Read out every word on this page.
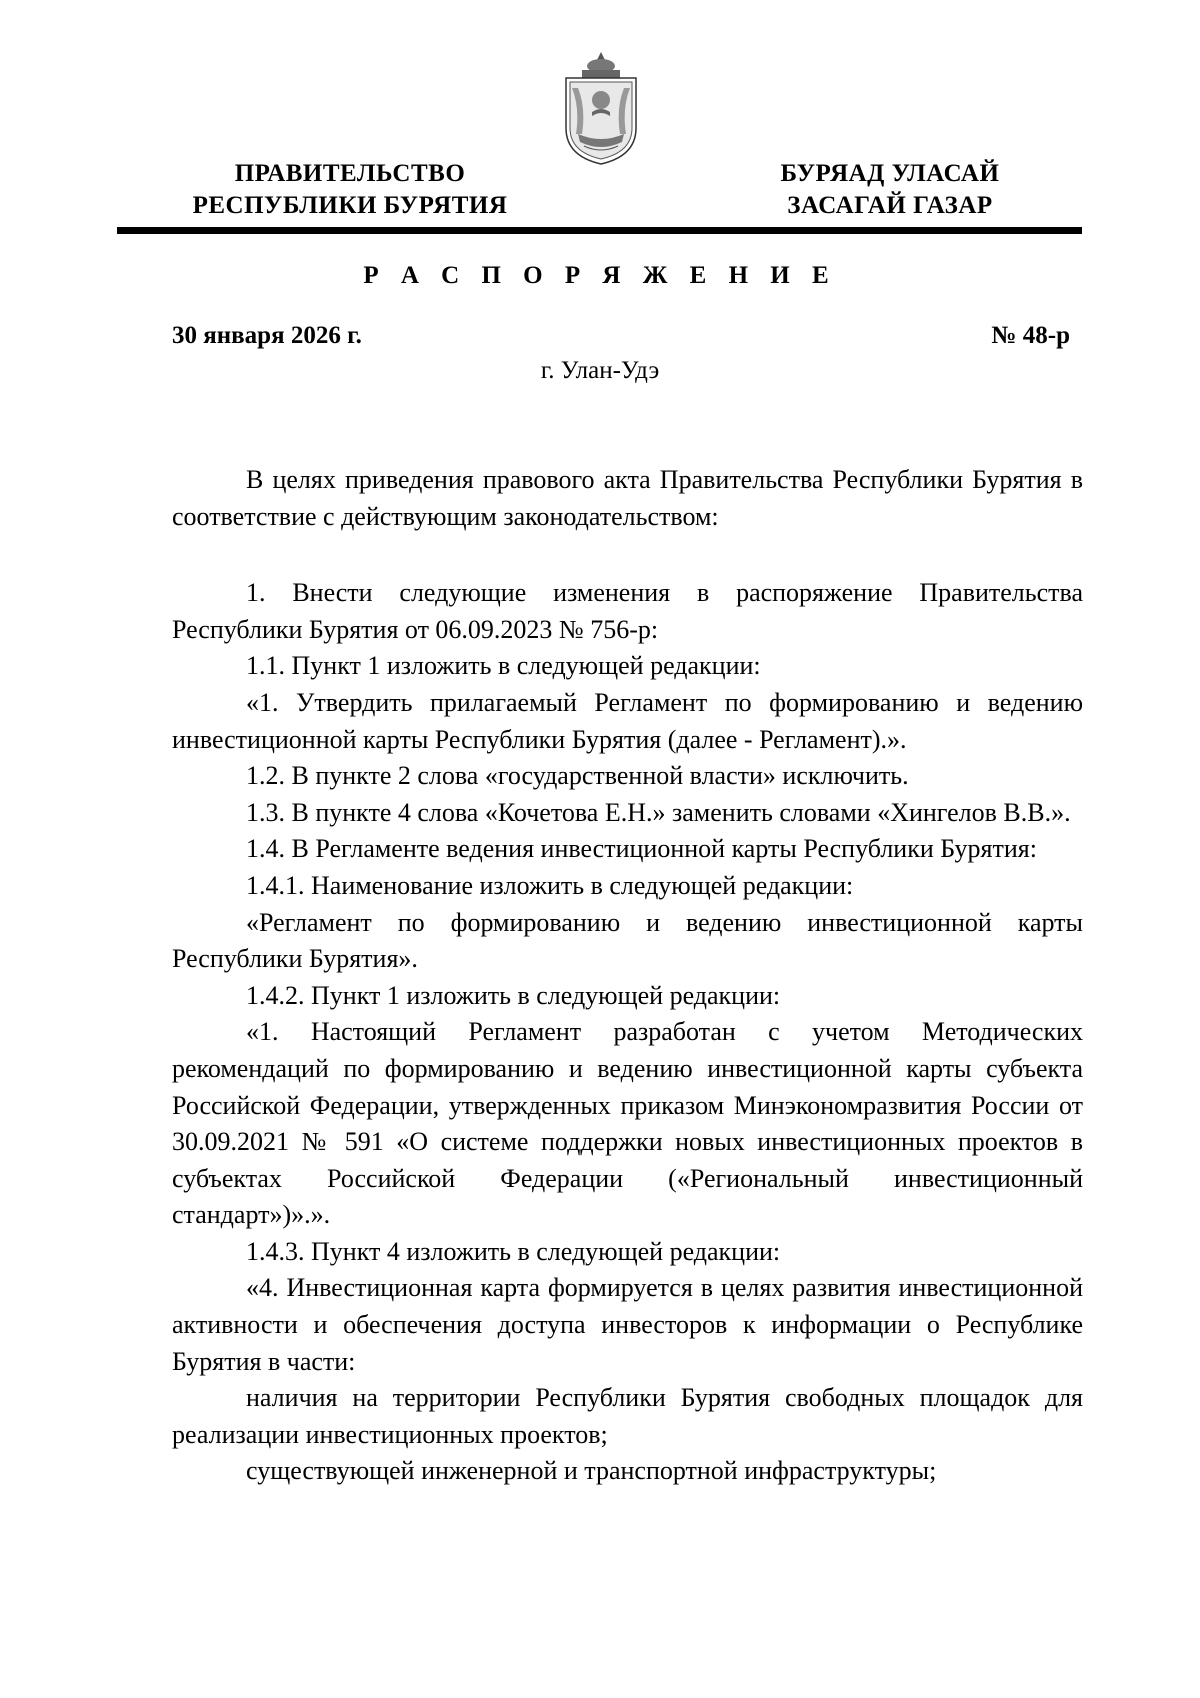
ПРАВИТЕЛЬСТВО
РЕСПУБЛИКИ БУРЯТИЯ
БУРЯАД УЛАСАЙ
ЗАСАГАЙ ГАЗАР
Р А С П О Р Я Ж Е Н И Е
30 января 2026 г.	№ 48-р
г. Улан-Удэ

В целях приведения правового акта Правительства Республики Бурятия в соответствие с действующим законодательством:

1. Внести следующие изменения в распоряжение Правительства Республики Бурятия от 06.09.2023 № 756-р:

1.1. Пункт 1 изложить в следующей редакции:

«1. Утвердить прилагаемый Регламент по формированию и ведению инвестиционной карты Республики Бурятия (далее - Регламент).».

1.2. В пункте 2 слова «государственной власти» исключить.

1.3. В пункте 4 слова «Кочетова Е.Н.» заменить словами «Хингелов В.В.».

1.4. В Регламенте ведения инвестиционной карты Республики Бурятия:

1.4.1. Наименование изложить в следующей редакции:

«Регламент по формированию и ведению инвестиционной карты Республики Бурятия».

1.4.2. Пункт 1 изложить в следующей редакции:

«1. Настоящий Регламент разработан с учетом Методических рекомендаций по формированию и ведению инвестиционной карты субъекта Российской Федерации, утвержденных приказом Минэкономразвития России от 30.09.2021 № 591 «О системе поддержки новых инвестиционных проектов в субъектах Российской Федерации («Региональный инвестиционный стандарт»)».».

1.4.3. Пункт 4 изложить в следующей редакции:

«4. Инвестиционная карта формируется в целях развития инвестиционной активности и обеспечения доступа инвесторов к информации о Республике Бурятия в части:

наличия на территории Республики Бурятия свободных площадок для реализации инвестиционных проектов;

существующей инженерной и транспортной инфраструктуры;
